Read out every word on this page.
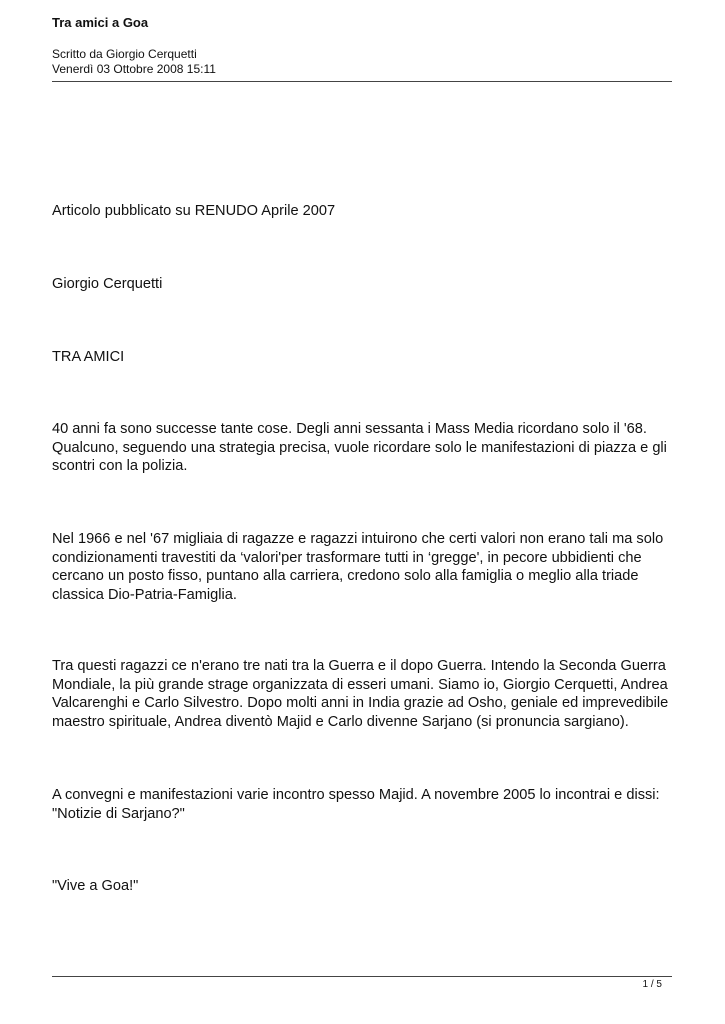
Tra amici a Goa
Scritto da Giorgio Cerquetti
Venerdì 03 Ottobre 2008 15:11

Articolo pubblicato su RENUDO Aprile 2007

Giorgio Cerquetti

TRA AMICI

40 anni fa sono successe tante cose. Degli anni sessanta i Mass Media ricordano solo il '68. Qualcuno, seguendo una strategia precisa, vuole ricordare solo le manifestazioni di piazza e gli scontri con la polizia.

Nel 1966 e nel '67 migliaia di ragazze e ragazzi intuirono che certi valori non erano tali ma solo condizionamenti travestiti da ‘valori'per trasformare tutti in ‘gregge', in pecore ubbidienti che cercano un posto fisso, puntano alla carriera, credono solo alla famiglia o meglio alla triade classica Dio-Patria-Famiglia.

Tra questi ragazzi ce n'erano tre nati tra la Guerra e il dopo Guerra. Intendo la Seconda Guerra Mondiale, la più grande strage organizzata di esseri umani. Siamo io, Giorgio Cerquetti, Andrea Valcarenghi e Carlo Silvestro. Dopo molti anni in India grazie ad Osho, geniale ed imprevedibile maestro spirituale, Andrea diventò Majid e Carlo divenne Sarjano (si pronuncia sargiano).

A convegni e manifestazioni varie incontro spesso Majid. A novembre 2005 lo incontrai e dissi: "Notizie di Sarjano?"

"Vive a Goa!"

1 / 5
